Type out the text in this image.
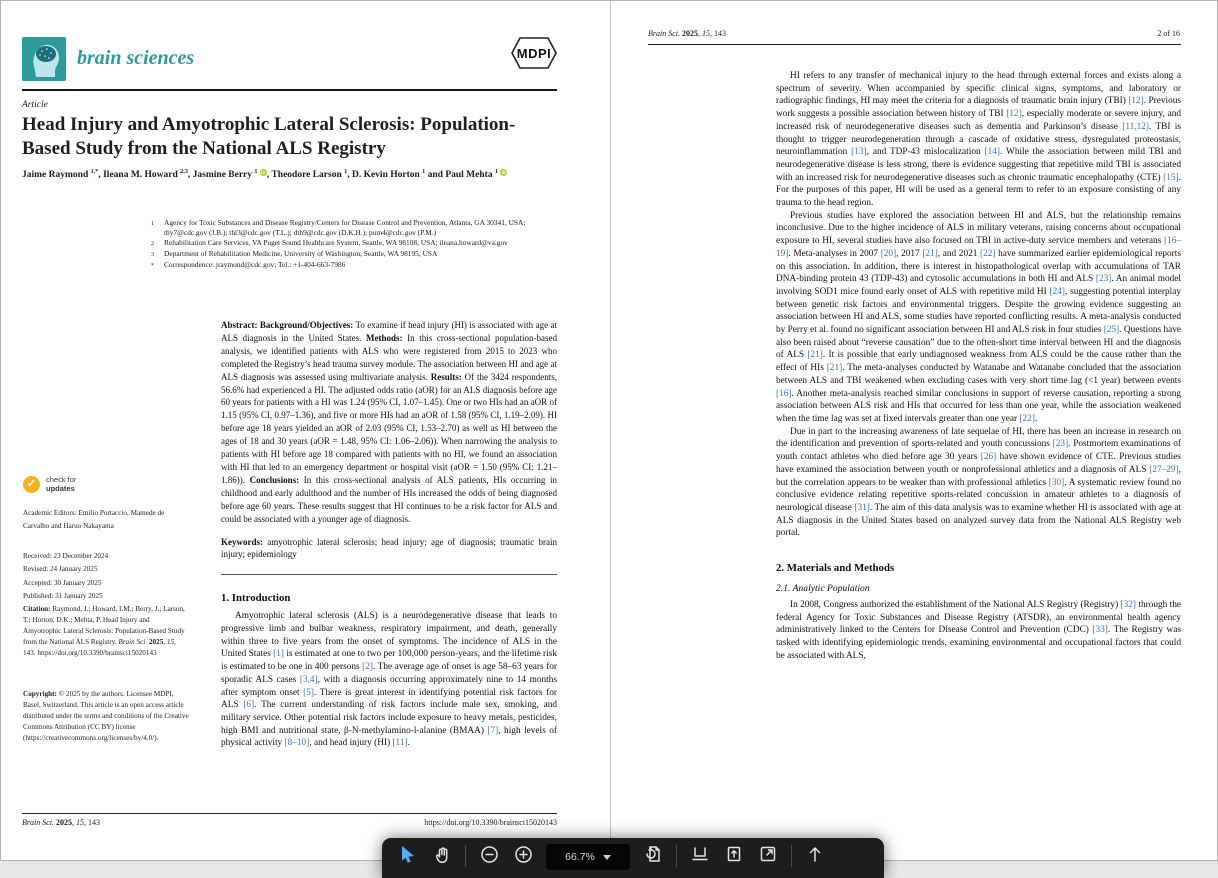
brain sciences	MDPI
Article
Head Injury and Amyotrophic Lateral Sclerosis: Population-Based Study from the National ALS Registry
Jaime Raymond $^{1,*}$, Ileana M. Howard $^{2,3}$, Jasmine Berry $^1$ iD, Theodore Larson $^1$, D. Kevin Horton $^1$ and Paul Mehta $^1$ iD
1	Agency for Toxic Substances and Disease Registry/Centers for Disease Control and Prevention, Atlanta, GA 30341, USA; thy7@cdc.gov (J.B.); thl3@cdc.gov (T.L.); dth9@cdc.gov (D.K.H.); pum4@cdc.gov (P.M.)
2	Rehabilitation Care Services, VA Puget Sound Healthcare System, Seattle, WA 98108, USA; ileana.howard@va.gov
3	Department of Rehabilitation Medicine, University of Washington, Seattle, WA 98195, USA
*	Correspondence: jraymond@cdc.gov; Tel.: +1-404-663-7986
✓	check for
updates
Academic Editors: Emilio Portaccio, Mamede de Carvalho and Haruo Nakayama
Received: 23 December 2024
Revised: 24 January 2025
Accepted: 30 January 2025
Published: 31 January 2025
Citation: Raymond, J.; Howard, I.M.; Berry, J.; Larson, T.; Horton, D.K.; Mehta, P. Head Injury and Amyotrophic Lateral Sclerosis: Population-Based Study from the National ALS Registry. Brain Sci. 2025, 15, 143. https://doi.org/10.3390/brainsci15020143
Copyright: © 2025 by the authors. Licensee MDPI, Basel, Switzerland. This article is an open access article distributed under the terms and conditions of the Creative Commons Attribution (CC BY) license (https://creativecommons.org/licenses/by/4.0/).
Abstract: Background/Objectives: To examine if head injury (HI) is associated with age at ALS diagnosis in the United States. Methods: In this cross-sectional population-based analysis, we identified patients with ALS who were registered from 2015 to 2023 who completed the Registry’s head trauma survey module. The association between HI and age at ALS diagnosis was assessed using multivariate analysis. Results: Of the 3424 respondents, 56.6% had experienced a HI. The adjusted odds ratio (aOR) for an ALS diagnosis before age 60 years for patients with a HI was 1.24 (95% CI, 1.07–1.45). One or two HIs had an aOR of 1.15 (95% CI, 0.97–1.36), and five or more HIs had an aOR of 1.58 (95% CI, 1.19–2.09). HI before age 18 years yielded an aOR of 2.03 (95% CI, 1.53–2.70) as well as HI between the ages of 18 and 30 years (aOR = 1.48, 95% CI: 1.06–2.06)). When narrowing the analysis to patients with HI before age 18 compared with patients with no HI, we found an association with HI that led to an emergency department or hospital visit (aOR = 1.50 (95% CI: 1.21–1.86)). Conclusions: In this cross-sectional analysis of ALS patients, HIs occurring in childhood and early adulthood and the number of HIs increased the odds of being diagnosed before age 60 years. These results suggest that HI continues to be a risk factor for ALS and could be associated with a younger age of diagnosis.
Keywords: amyotrophic lateral sclerosis; head injury; age of diagnosis; traumatic brain injury; epidemiology
1. Introduction

Amyotrophic lateral sclerosis (ALS) is a neurodegenerative disease that leads to progressive limb and bulbar weakness, respiratory impairment, and death, generally within three to five years from the onset of symptoms. The incidence of ALS in the United States [1] is estimated at one to two per 100,000 person-years, and the lifetime risk is estimated to be one in 400 persons [2]. The average age of onset is age 58–63 years for sporadic ALS cases [3,4], with a diagnosis occurring approximately nine to 14 months after symptom onset [5]. There is great interest in identifying potential risk factors for ALS [6]. The current understanding of risk factors include male sex, smoking, and military service. Other potential risk factors include exposure to heavy metals, pesticides, high BMI and nutritional state, β-N-methylamino-l-alanine (BMAA) [7], high levels of physical activity [8–10], and head injury (HI) [11].

Brain Sci. 2025, 15, 143	https://doi.org/10.3390/brainsci15020143
Brain Sci. 2025, 15, 143	2 of 16

HI refers to any transfer of mechanical injury to the head through external forces and exists along a spectrum of severity. When accompanied by specific clinical signs, symptoms, and laboratory or radiographic findings, HI may meet the criteria for a diagnosis of traumatic brain injury (TBI) [12]. Previous work suggests a possible association between history of TBI [12], especially moderate or severe injury, and increased risk of neurodegenerative diseases such as dementia and Parkinson’s disease [11,12]. TBI is thought to trigger neurodegeneration through a cascade of oxidative stress, dysregulated proteostasis, neuroinflammation [13], and TDP-43 mislocalization [14]. While the association between mild TBI and neurodegenerative disease is less strong, there is evidence suggesting that repetitive mild TBI is associated with an increased risk for neurodegenerative diseases such as chronic traumatic encephalopathy (CTE) [15]. For the purposes of this paper, HI will be used as a general term to refer to an exposure consisting of any trauma to the head region.

Previous studies have explored the association between HI and ALS, but the relationship remains inconclusive. Due to the higher incidence of ALS in military veterans, raising concerns about occupational exposure to HI, several studies have also focused on TBI in active-duty service members and veterans [16–19]. Meta-analyses in 2007 [20], 2017 [21], and 2021 [22] have summarized earlier epidemiological reports on this association. In addition, there is interest in histopathological overlap with accumulations of TAR DNA-binding protein 43 (TDP-43) and cytosolic accumulations in both HI and ALS [23]. An animal model involving SOD1 mice found early onset of ALS with repetitive mild HI [24], suggesting potential interplay between genetic risk factors and environmental triggers. Despite the growing evidence suggesting an association between HI and ALS, some studies have reported conflicting results. A meta-analysis conducted by Perry et al. found no significant association between HI and ALS risk in four studies [25]. Questions have also been raised about “reverse causation” due to the often-short time interval between HI and the diagnosis of ALS [21]. It is possible that early undiagnosed weakness from ALS could be the cause rather than the effect of HIs [21]. The meta-analyses conducted by Watanabe and Watanabe concluded that the association between ALS and TBI weakened when excluding cases with very short time lag (<1 year) between events [16]. Another meta-analysis reached similar conclusions in support of reverse causation, reporting a strong association between ALS risk and HIs that occurred for less than one year, while the association weakened when the time lag was set at fixed intervals greater than one year [22].

Due in part to the increasing awareness of late sequelae of HI, there has been an increase in research on the identification and prevention of sports-related and youth concussions [23]. Postmortem examinations of youth contact athletes who died before age 30 years [26] have shown evidence of CTE. Previous studies have examined the association between youth or nonprofessional athletics and a diagnosis of ALS [27–29], but the correlation appears to be weaker than with professional athletics [30]. A systematic review found no conclusive evidence relating repetitive sports-related concussion in amateur athletes to a diagnosis of neurological disease [31]. The aim of this data analysis was to examine whether HI is associated with age at ALS diagnosis in the United States based on analyzed survey data from the National ALS Registry web portal.

2. Materials and Methods
2.1. Analytic Population

In 2008, Congress authorized the establishment of the National ALS Registry (Registry) [32] through the federal Agency for Toxic Substances and Disease Registry (ATSDR), an environmental health agency administratively linked to the Centers for Disease Control and Prevention (CDC) [33]. The Registry was tasked with identifying epidemiologic trends, examining environmental and occupational factors that could be associated with ALS,

66.7%
